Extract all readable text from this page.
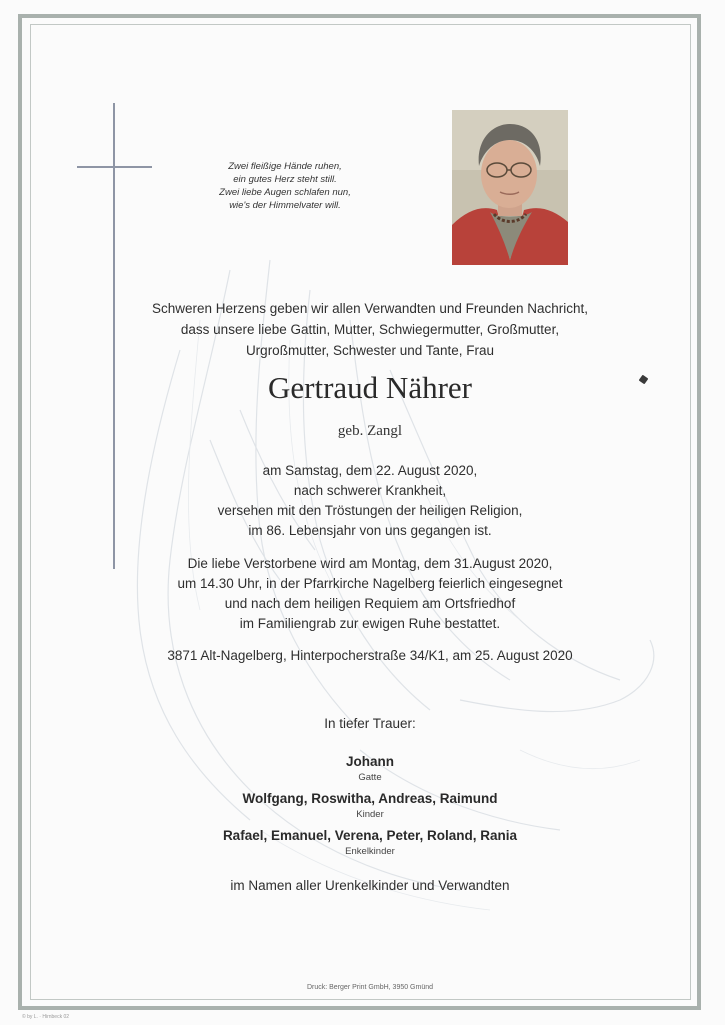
Zwei fleißige Hände ruhen,
ein gutes Herz steht still.
Zwei liebe Augen schlafen nun,
wie's der Himmelvater will.
Schweren Herzens geben wir allen Verwandten und Freunden Nachricht,
dass unsere liebe Gattin, Mutter, Schwiegermutter, Großmutter,
Urgroßmutter, Schwester und Tante, Frau
Gertraud Nährer
geb. Zangl
am Samstag, dem 22. August 2020,
nach schwerer Krankheit,
versehen mit den Tröstungen der heiligen Religion,
im 86. Lebensjahr von uns gegangen ist.
Die liebe Verstorbene wird am Montag, dem 31.August 2020,
um 14.30 Uhr, in der Pfarrkirche Nagelberg feierlich eingesegnet
und nach dem heiligen Requiem am Ortsfriedhof
im Familiengrab zur ewigen Ruhe bestattet.
3871 Alt-Nagelberg, Hinterpocherstraße 34/K1, am 25. August 2020
In tiefer Trauer:
Johann
Gatte
Wolfgang, Roswitha, Andreas, Raimund
Kinder
Rafael, Emanuel, Verena, Peter, Roland, Rania
Enkelkinder
im Namen aller Urenkelkinder und Verwandten
Druck: Berger Print GmbH, 3950 Gmünd
© by L. · Hirnbeck 02
